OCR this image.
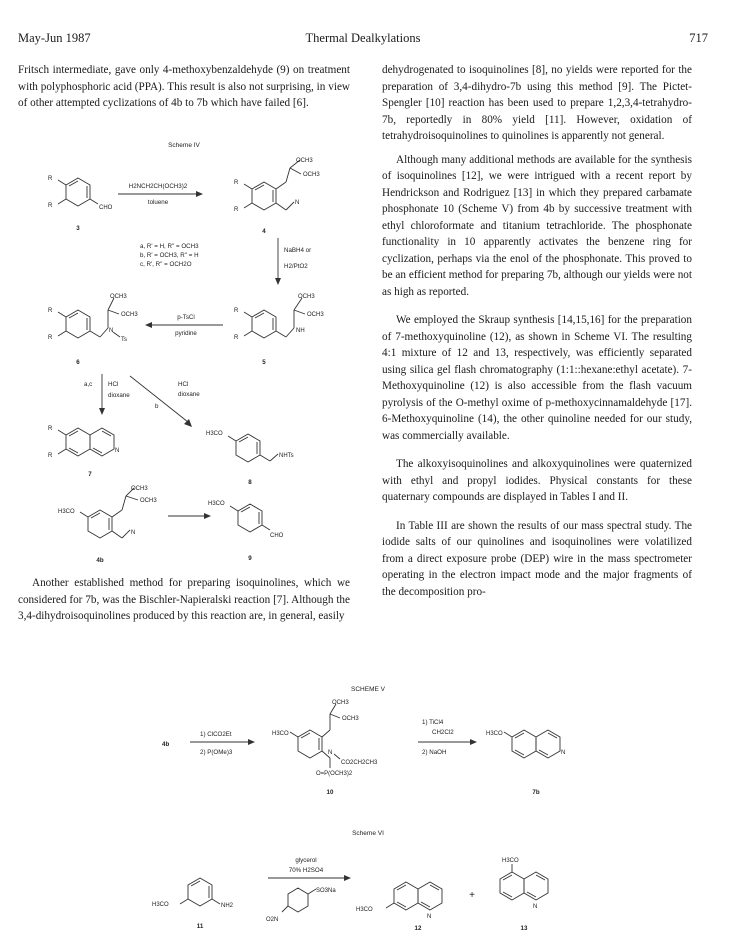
May-Jun 1987	Thermal Dealkylations	717

Fritsch intermediate, gave only 4-methoxybenzaldehyde (9) on treatment with polyphosphoric acid (PPA). This result is also not surprising, in view of other attempted cyclizations of 4b to 7b which have failed [6].

Scheme IV
R
R	CHO
3
H2NCH2CH(OCH3)2
toluene
OCH3
OCH3
N
R
R
4
a, R' = H, R'' = OCH3
b, R' = OCH3, R'' = H
c, R', R'' = OCH2O
NaBH4 or
H2/PtO2
OCH3
OCH3
NH
R
R
5
p-TsCl
pyridine
OCH3
OCH3
N
Ts
R
R
6
a,c	HCl
dioxane
b
HCl
dioxane
N
R
R
7
H3CO
NHTs
8
H3CO
OCH3
OCH3
N
4b
H3CO
CHO
9

Another established method for preparing isoquinolines, which we considered for 7b, was the Bischler-Napieralski reaction [7]. Although the 3,4-dihydroisoquinolines produced by this reaction are, in general, easily

dehydrogenated to isoquinolines [8], no yields were reported for the preparation of 3,4-dihydro-7b using this method [9]. The Pictet-Spengler [10] reaction has been used to prepare 1,2,3,4-tetrahydro-7b, reportedly in 80% yield [11]. However, oxidation of tetrahydroisoquinolines to quinolines is apparently not general.

Although many additional methods are available for the synthesis of isoquinolines [12], we were intrigued with a recent report by Hendrickson and Rodriguez [13] in which they prepared carbamate phosphonate 10 (Scheme V) from 4b by successive treatment with ethyl chloroformate and titanium tetrachloride. The phosphonate functionality in 10 apparently activates the benzene ring for cyclization, perhaps via the enol of the phosphonate. This proved to be an efficient method for preparing 7b, although our yields were not as high as reported.

We employed the Skraup synthesis [14,15,16] for the preparation of 7-methoxyquinoline (12), as shown in Scheme VI. The resulting 4:1 mixture of 12 and 13, respectively, was efficiently separated using silica gel flash chromatography (1:1::hexane:ethyl acetate). 7-Methoxyquinoline (12) is also accessible from the flash vacuum pyrolysis of the O-methyl oxime of p-methoxycinnamaldehyde [17]. 6-Methoxyquinoline (14), the other quinoline needed for our study, was commercially available.

The alkoxyisoquinolines and alkoxyquinolines were quaternized with ethyl and propyl iodides. Physical constants for these quaternary compounds are displayed in Tables I and II.

In Table III are shown the results of our mass spectral study. The iodide salts of our quinolines and isoquinolines were volatilized from a direct exposure probe (DEP) wire in the mass spectrometer operating in the electron impact mode and the major fragments of the decomposition pro-

SCHEME V
4b
1) ClCO2Et
2) P(OMe)3
H3CO
OCH3
OCH3
N
CO2CH2CH3
O=P(OCH3)2
10
1) TiCl4
CH2Cl2
2) NaOH
H3CO
N
7b
Scheme VI
H3CO	NH2
11
glycerol
70% H2SO4
SO3Na
O2N
H3CO
N
12
+
H3CO
N
13
